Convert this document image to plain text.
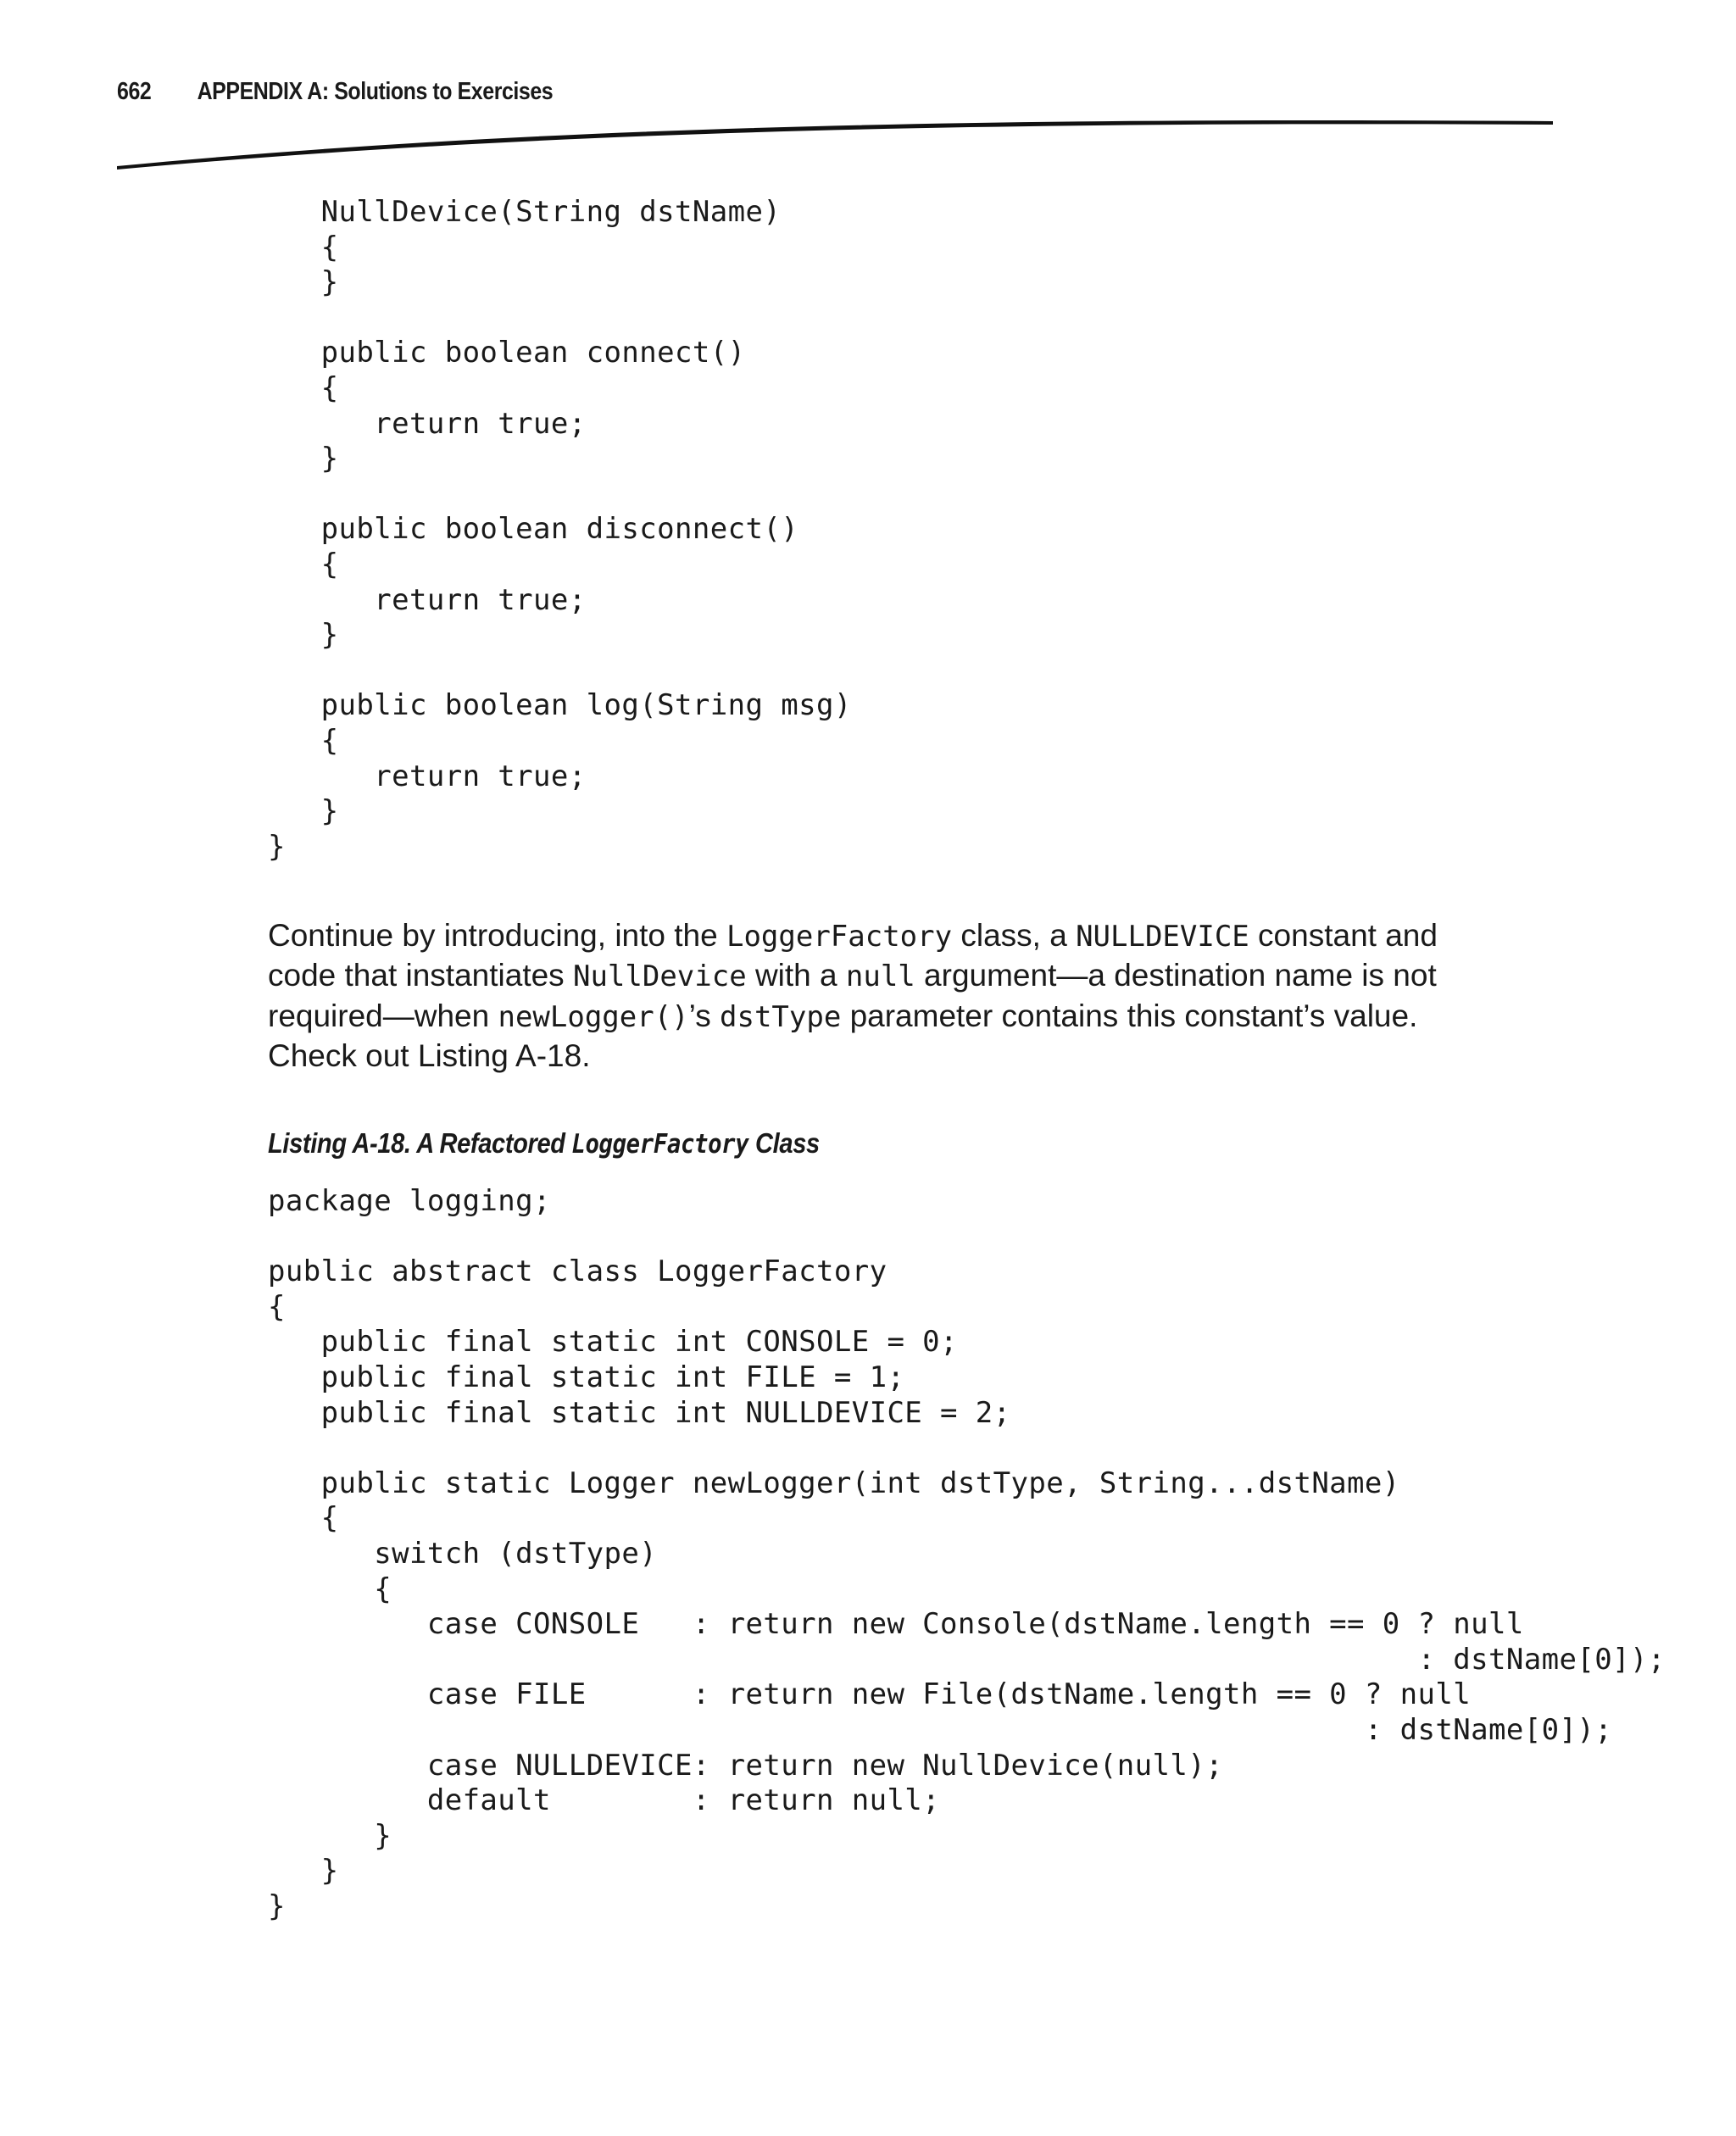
662 APPENDIX A: Solutions to Exercises
NullDevice(String dstName)
{
}

public boolean connect()
{
return true;
}

public boolean disconnect()
{
return true;
}

public boolean log(String msg)
{
return true;
}
}

Continue by introducing, into the LoggerFactory class, a NULLDEVICE constant and code that instantiates NullDevice with a null argument—a destination name is not required—when newLogger()’s dstType parameter contains this constant’s value. Check out Listing A-18.

Listing A-18. A Refactored LoggerFactory Class

package logging;

public abstract class LoggerFactory
{
public final static int CONSOLE = 0;
public final static int FILE = 1;
public final static int NULLDEVICE = 2;

public static Logger newLogger(int dstType, String...dstName)
{
switch (dstType)
{
case CONSOLE   : return new Console(dstName.length == 0 ? null
: dstName[0]);
case FILE      : return new File(dstName.length == 0 ? null
: dstName[0]);
case NULLDEVICE: return new NullDevice(null);
default        : return null;
}
}
}
